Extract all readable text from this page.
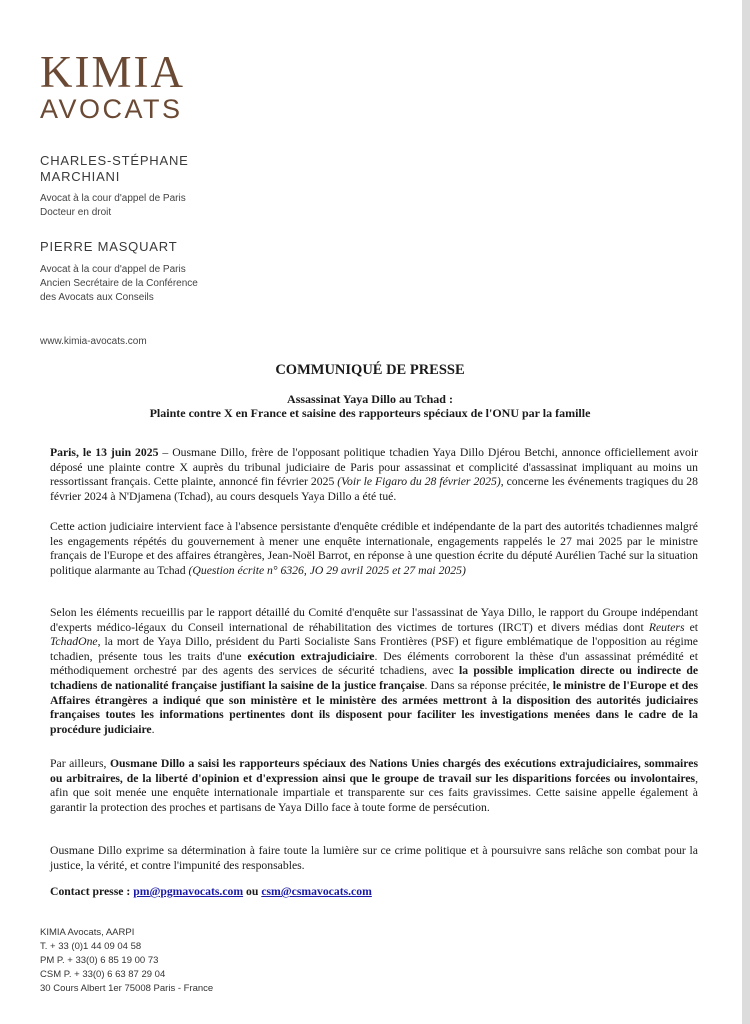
KIMIA
AVOCATS
CHARLES-STÉPHANE
MARCHIANI
Avocat à la cour d'appel de Paris
Docteur en droit
PIERRE MASQUART
Avocat à la cour d'appel de Paris
Ancien Secrétaire de la Conférence
des Avocats aux Conseils
www.kimia-avocats.com
COMMUNIQUÉ DE PRESSE
Assassinat Yaya Dillo au Tchad :
Plainte contre X en France et saisine des rapporteurs spéciaux de l'ONU par la famille

Paris, le 13 juin 2025 – Ousmane Dillo, frère de l'opposant politique tchadien Yaya Dillo Djérou Betchi, annonce officiellement avoir déposé une plainte contre X auprès du tribunal judiciaire de Paris pour assassinat et complicité d'assassinat impliquant au moins un ressortissant français. Cette plainte, annoncé fin février 2025 (Voir le Figaro du 28 février 2025), concerne les événements tragiques du 28 février 2024 à N'Djamena (Tchad), au cours desquels Yaya Dillo a été tué.

Cette action judiciaire intervient face à l'absence persistante d'enquête crédible et indépendante de la part des autorités tchadiennes malgré les engagements répétés du gouvernement à mener une enquête internationale, engagements rappelés le 27 mai 2025 par le ministre français de l'Europe et des affaires étrangères, Jean-Noël Barrot, en réponse à une question écrite du député Aurélien Taché sur la situation politique alarmante au Tchad (Question écrite n° 6326, JO 29 avril 2025 et 27 mai 2025)

Selon les éléments recueillis par le rapport détaillé du Comité d'enquête sur l'assassinat de Yaya Dillo, le rapport du Groupe indépendant d'experts médico-légaux du Conseil international de réhabilitation des victimes de tortures (IRCT) et divers médias dont Reuters et TchadOne, la mort de Yaya Dillo, président du Parti Socialiste Sans Frontières (PSF) et figure emblématique de l'opposition au régime tchadien, présente tous les traits d'une exécution extrajudiciaire. Des éléments corroborent la thèse d'un assassinat prémédité et méthodiquement orchestré par des agents des services de sécurité tchadiens, avec la possible implication directe ou indirecte de tchadiens de nationalité française justifiant la saisine de la justice française. Dans sa réponse précitée, le ministre de l'Europe et des Affaires étrangères a indiqué que son ministère et le ministère des armées mettront à la disposition des autorités judiciaires françaises toutes les informations pertinentes dont ils disposent pour faciliter les investigations menées dans le cadre de la procédure judiciaire.

Par ailleurs, Ousmane Dillo a saisi les rapporteurs spéciaux des Nations Unies chargés des exécutions extrajudiciaires, sommaires ou arbitraires, de la liberté d'opinion et d'expression ainsi que le groupe de travail sur les disparitions forcées ou involontaires, afin que soit menée une enquête internationale impartiale et transparente sur ces faits gravissimes. Cette saisine appelle également à garantir la protection des proches et partisans de Yaya Dillo face à toute forme de persécution.

Ousmane Dillo exprime sa détermination à faire toute la lumière sur ce crime politique et à poursuivre sans relâche son combat pour la justice, la vérité, et contre l'impunité des responsables.

Contact presse : pm@pgmavocats.com ou csm@csmavocats.com

KIMIA Avocats, AARPI
T. + 33 (0)1 44 09 04 58
PM P. + 33(0) 6 85 19 00 73
CSM P. + 33(0) 6 63 87 29 04
30 Cours Albert 1er 75008 Paris - France
